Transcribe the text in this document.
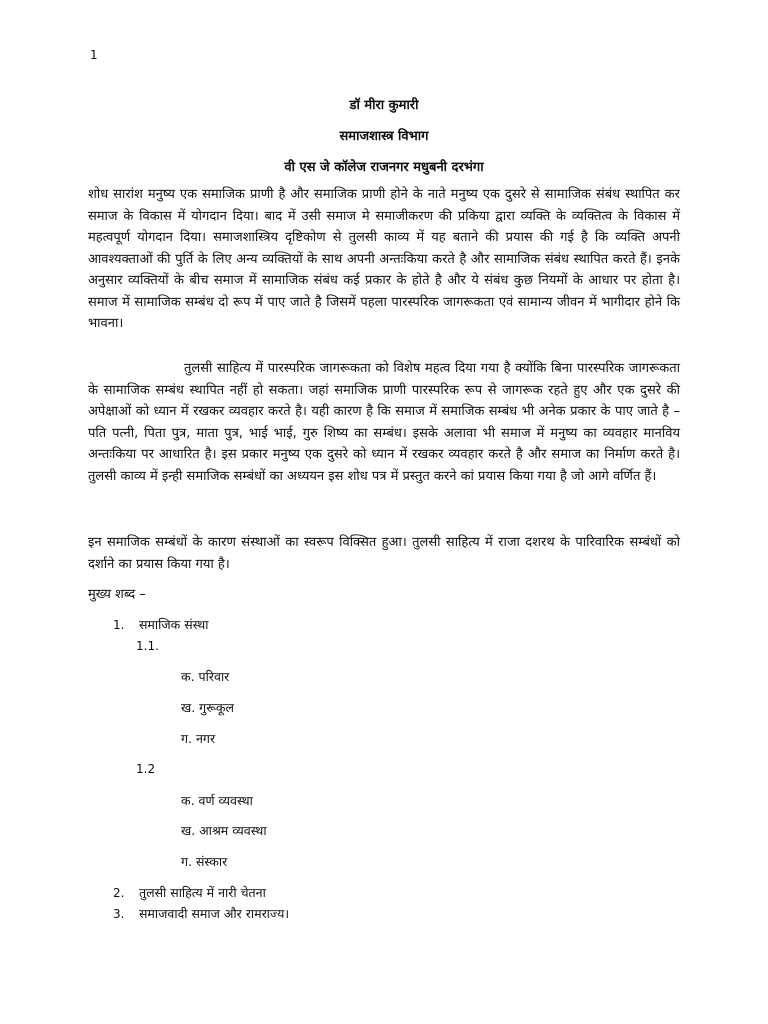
1
डॉ मीरा कुमारी
समाजशास्त्र विभाग
वी एस जे कॉलेज राजनगर मधुबनी दरभंगा

शोध सारांश मनुष्य एक समाजिक प्राणी है और समाजिक प्राणी होने के नाते मनुष्य एक दुसरे से सामाजिक संबंध स्थापित कर समाज के विकास में योगदान दिया। बाद में उसी समाज मे समाजीकरण की प्रकिया द्वारा व्यक्ति के व्यक्तित्व के विकास में महत्वपूर्ण योगदान दिया। समाजशास्त्रिय दृष्टिकोण से तुलसी काव्य में यह बताने की प्रयास की गई है कि व्यक्ति अपनी आवश्यक्ताओं की पुर्ति के लिए अन्य व्यक्तियों के साथ अपनी अन्तःकिया करते है और सामाजिक संबंध स्थापित करते हैं। इनके अनुसार व्यक्तियों के बीच समाज में सामाजिक संबंध कई प्रकार के होते है और ये संबंध कुछ नियमों के आधार पर होता है। समाज में सामाजिक सम्बंध दो रूप में पाए जाते है जिसमें पहला पारस्परिक जागरूकता एवं सामान्य जीवन में भागीदार होने कि भावना।

तुलसी साहित्य में पारस्परिक जागरूकता को विशेष महत्व दिया गया है क्योंकि बिना पारस्परिक जागरूकता के सामाजिक सम्बंध स्थापित नहीं हो सकता। जहां समाजिक प्राणी पारस्परिक रूप से जागरूक रहते हुए और एक दुसरे की अपेक्षाओं को ध्यान में रखकर व्यवहार करते है। यही कारण है कि समाज में समाजिक सम्बंध भी अनेक प्रकार के पाए जाते है – पति पत्नी, पिता पुत्र, माता पुत्र, भाई भाई, गुरु शिष्य का सम्बंध। इसके अलावा भी समाज में मनुष्य का व्यवहार मानविय अन्तःकिया पर आधारित है। इस प्रकार मनुष्य एक दुसरे को ध्यान में रखकर व्यवहार करते है और समाज का निर्माण करते है। तुलसी काव्य में इन्ही समाजिक सम्बंधों का अध्ययन इस शोध पत्र में प्रस्तुत करने कां प्रयास किया गया है जो आगे वर्णित हैं।

इन समाजिक सम्बंधों के कारण संस्थाओं का स्वरूप विक्सित हुआ। तुलसी साहित्य में राजा दशरथ के पारिवारिक सम्बंधों को दर्शाने का प्रयास किया गया है।

मुख्य शब्द –
1. समाजिक संस्था
1.1.
क. परिवार
ख. गुरूकूल
ग. नगर
1.2
क. वर्ण व्यवस्था
ख. आश्रम व्यवस्था
ग. संस्कार
2. तुलसी साहित्य में नारी चेतना
3. समाजवादी समाज और रामराज्य।
